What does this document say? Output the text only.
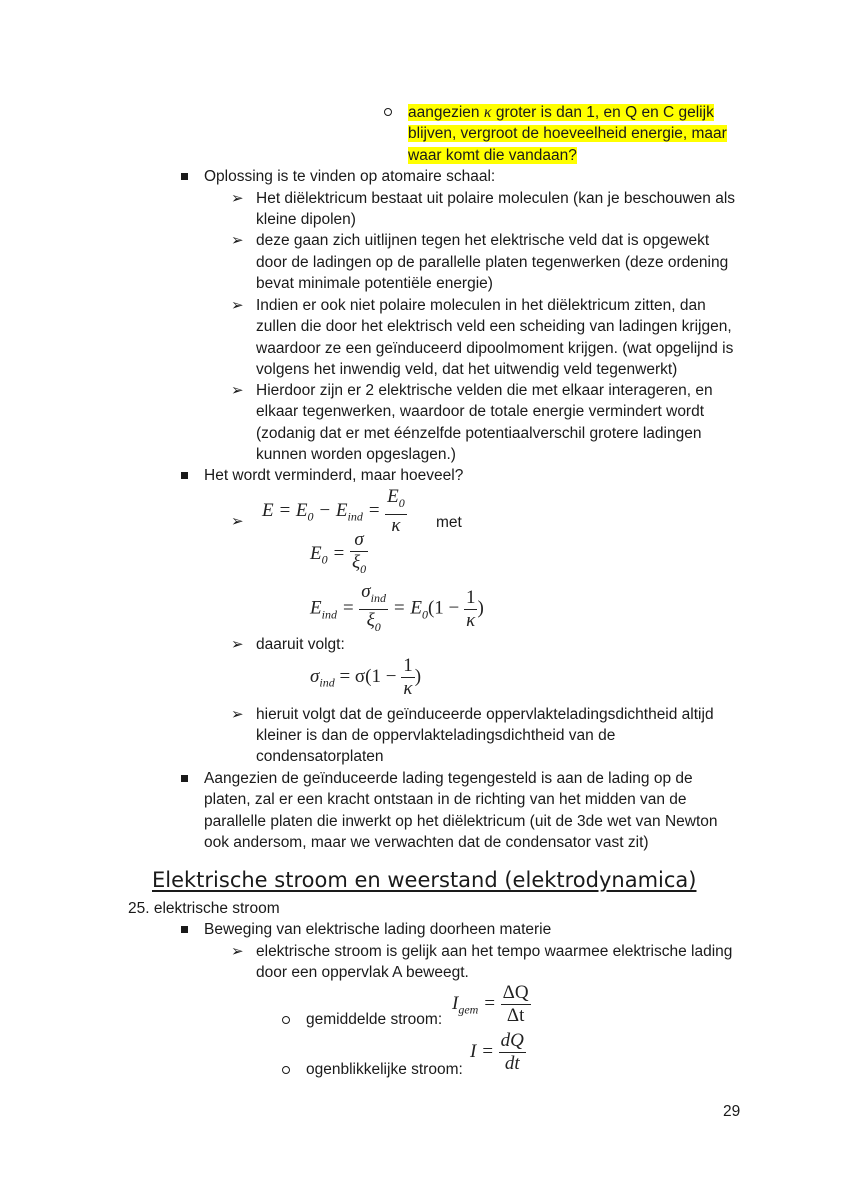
aangezien κ groter is dan 1, en Q en C gelijk
blijven, vergroot de hoeveelheid energie, maar
waar komt die vandaan?
Oplossing is te vinden op atomaire schaal:
➢ Het diëlektricum bestaat uit polaire moleculen (kan je beschouwen als
kleine dipolen)
➢ deze gaan zich uitlijnen tegen het elektrische veld dat is opgewekt
door de ladingen op de parallelle platen tegenwerken (deze ordening
bevat minimale potentiële energie)
➢ Indien er ook niet polaire moleculen in het diëlektricum zitten, dan
zullen die door het elektrisch veld een scheiding van ladingen krijgen,
waardoor ze een geïnduceerd dipoolmoment krijgen. (wat opgelijnd is
volgens het inwendig veld, dat het uitwendig veld tegenwerkt)
➢ Hierdoor zijn er 2 elektrische velden die met elkaar interageren, en
elkaar tegenwerken, waardoor de totale energie vermindert wordt
(zodanig dat er met éénzelfde potentiaalverschil grotere ladingen
kunnen worden opgeslagen.)
Het wordt verminderd, maar hoeveel?
➢
$E = E_0 - E_{ind} = \frac{E_0}{\kappa}$ met
$E_0 = \frac{\sigma}{\xi_0}$
$E_{ind} = \frac{\sigma_{ind}}{\xi_0} = E_0(1 - \frac{1}{\kappa}$ )
➢ daaruit volgt:
$\sigma_{ind} = \sigma(1 - \frac{1}{\kappa}$ )
➢ hieruit volgt dat de geïnduceerde oppervlakteladingsdichtheid altijd
kleiner is dan de oppervlakteladingsdichtheid van de
condensatorplaten
Aangezien de geïnduceerde lading tegengesteld is aan de lading op de
platen, zal er een kracht ontstaan in de richting van het midden van de
parallelle platen die inwerkt op het diëlektricum (uit de 3de wet van Newton
ook andersom, maar we verwachten dat de condensator vast zit)
Elektrische stroom en weerstand (elektrodynamica)
25. elektrische stroom
Beweging van elektrische lading doorheen materie
➢ elektrische stroom is gelijk aan het tempo waarmee elektrische lading
door een oppervlak A beweegt.
gemiddelde stroom:
$I_{gem} = \frac{\Delta Q}{\Delta t}$
ogenblikkelijke stroom:
$I = \frac{dQ}{dt}$
29
